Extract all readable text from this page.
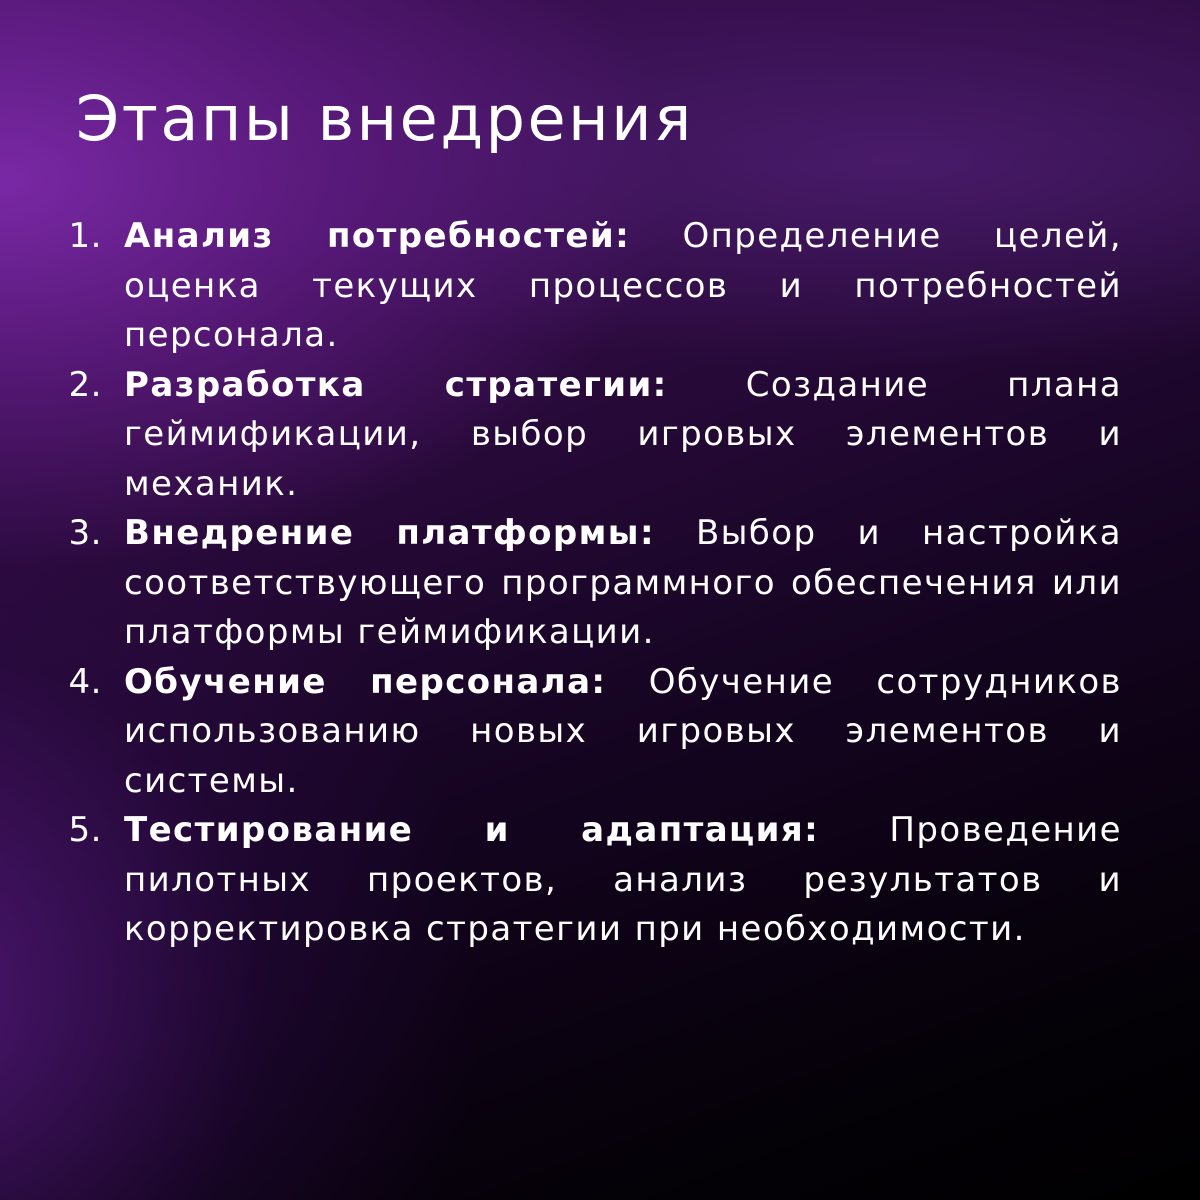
Этапы внедрения
1. Анализ потребностей: Определение целей, оценка текущих процессов и потребностей персонала.
2. Разработка стратегии: Создание плана геймификации, выбор игровых элементов и механик.
3. Внедрение платформы: Выбор и настройка соответствующего программного обеспечения или платформы геймификации.
4. Обучение персонала: Обучение сотрудников использованию новых игровых элементов и системы.
5. Тестирование и адаптация: Проведение пилотных проектов, анализ результатов и корректировка стратегии при необходимости.
